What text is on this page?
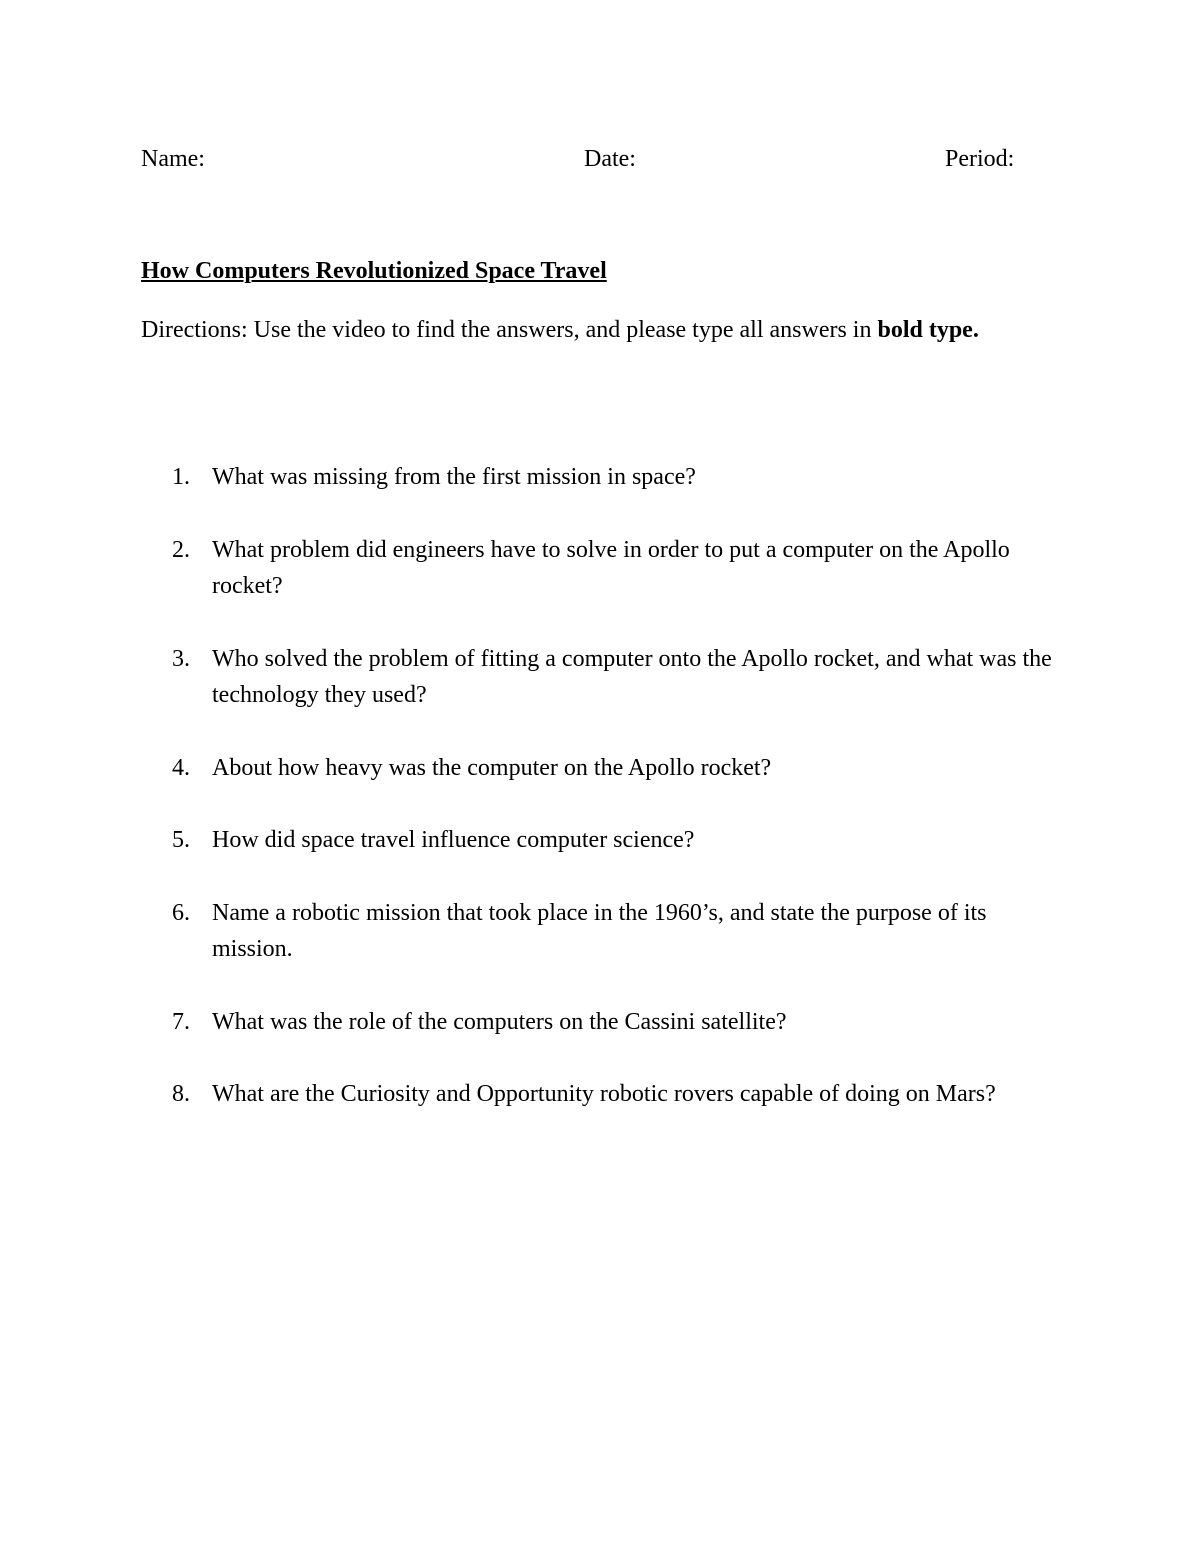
Name:	Date:	Period:
How Computers Revolutionized Space Travel
Directions: Use the video to find the answers, and please type all answers in bold type.
1. What was missing from the first mission in space?
2. What problem did engineers have to solve in order to put a computer on the Apollo rocket?
3. Who solved the problem of fitting a computer onto the Apollo rocket, and what was the technology they used?
4. About how heavy was the computer on the Apollo rocket?
5. How did space travel influence computer science?
6. Name a robotic mission that took place in the 1960’s, and state the purpose of its mission.
7. What was the role of the computers on the Cassini satellite?
8. What are the Curiosity and Opportunity robotic rovers capable of doing on Mars?
